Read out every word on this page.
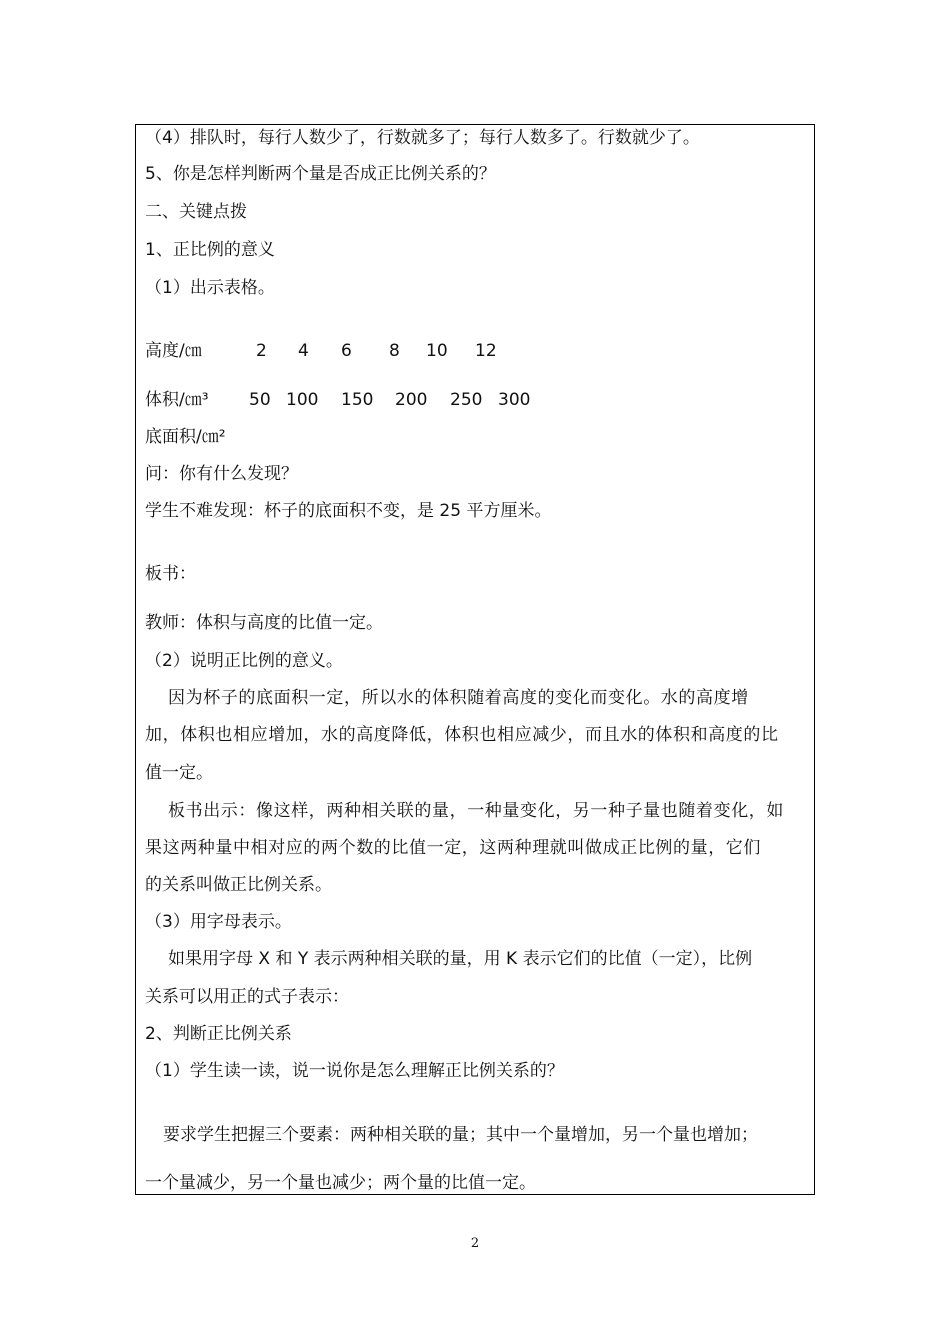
（4）排队时，每行人数少了，行数就多了；每行人数多了。行数就少了。
5、你是怎样判断两个量是否成正比例关系的？
二、关键点拨
1、正比例的意义
（1）出示表格。
高度/㎝	2 4 6 8 10 12
体积/㎝³ 50 100 150 200 250 300
底面积/㎝²
问：你有什么发现？
学生不难发现：杯子的底面积不变，是 25 平方厘米。
板书：
教师：体积与高度的比值一定。
（2）说明正比例的意义。
因为杯子的底面积一定，所以水的体积随着高度的变化而变化。水的高度增
加，体积也相应增加，水的高度降低，体积也相应减少，而且水的体积和高度的比
值一定。
板书出示：像这样，两种相关联的量，一种量变化，另一种子量也随着变化，如
果这两种量中相对应的两个数的比值一定，这两种理就叫做成正比例的量，它们
的关系叫做正比例关系。
（3）用字母表示。
如果用字母 X 和 Y 表示两种相关联的量，用 K 表示它们的比值（一定），比例
关系可以用正的式子表示：
2、判断正比例关系
（1）学生读一读，说一说你是怎么理解正比例关系的？
要求学生把握三个要素：两种相关联的量；其中一个量增加，另一个量也增加；
一个量减少，另一个量也减少；两个量的比值一定。
2
